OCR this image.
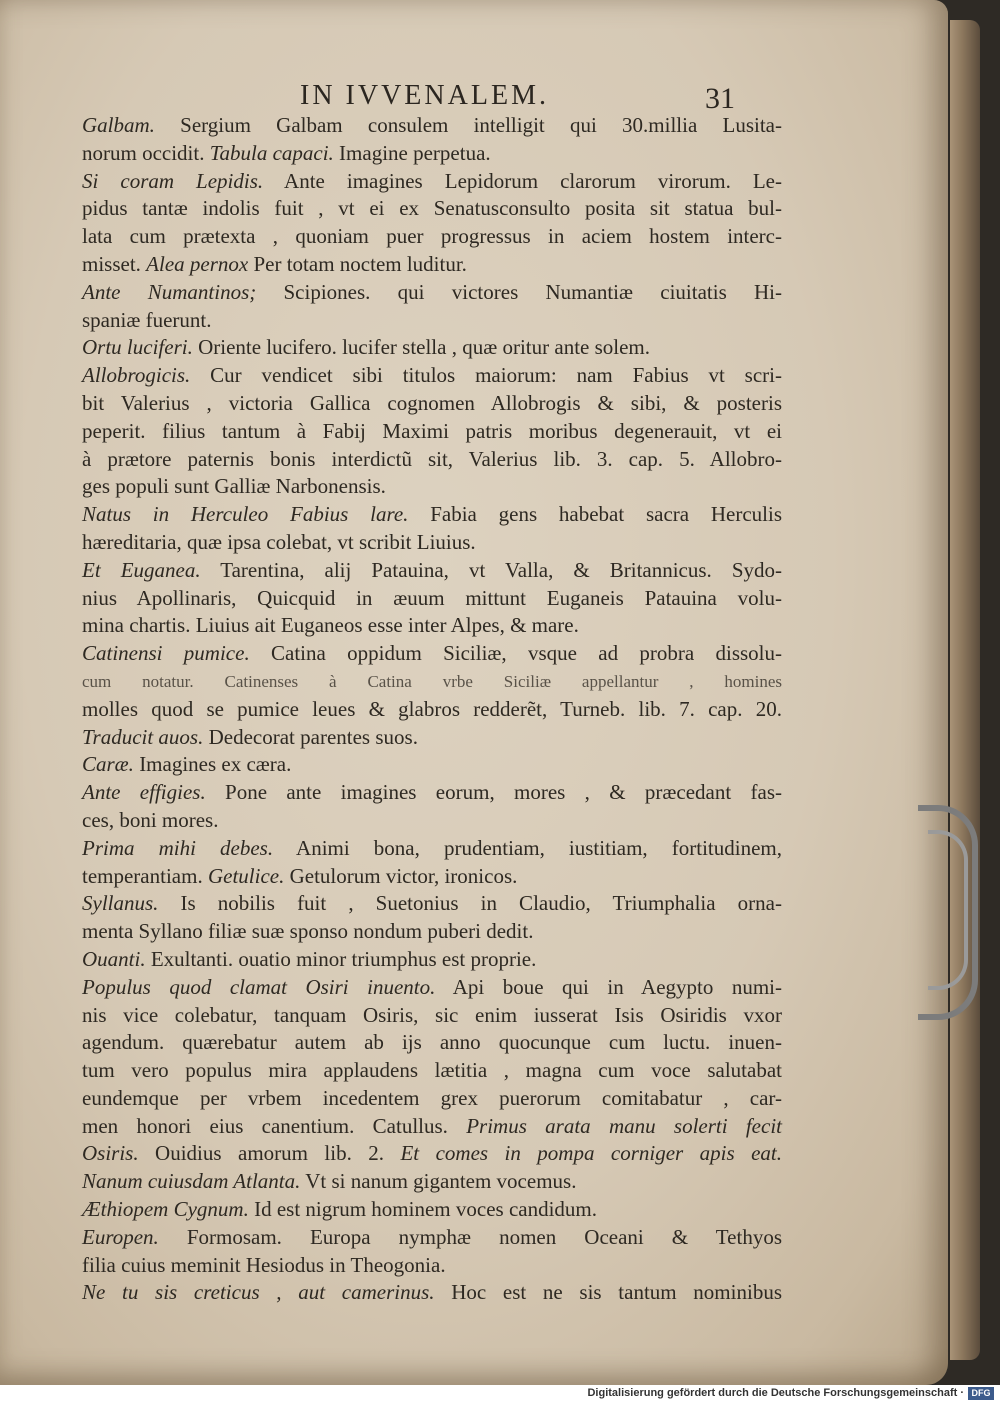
IN IVVENALEM.	31
Galbam. Sergium Galbam consulem intelligit qui 30.millia Lusita-
norum occidit. Tabula capaci. Imagine perpetua.
Si coram Lepidis. Ante imagines Lepidorum clarorum virorum. Le-
pidus tantæ indolis fuit , vt ei ex Senatusconsulto posita sit statua bul-
lata cum prætexta , quoniam puer progressus in aciem hostem interc-
misset. Alea pernox Per totam noctem luditur.
Ante Numantinos; Scipiones. qui victores Numantiæ ciuitatis Hi-
spaniæ fuerunt.
Ortu luciferi. Oriente lucifero. lucifer stella , quæ oritur ante solem.
Allobrogicis. Cur vendicet sibi titulos maiorum: nam Fabius vt scri-
bit Valerius , victoria Gallica cognomen Allobrogis & sibi, & posteris
peperit. filius tantum à Fabij Maximi patris moribus degenerauit, vt ei
à prætore paternis bonis interdictũ sit, Valerius lib. 3. cap. 5. Allobro-
ges populi sunt Galliæ Narbonensis.
Natus in Herculeo Fabius lare. Fabia gens habebat sacra Herculis
hæreditaria, quæ ipsa colebat, vt scribit Liuius.
Et Euganea. Tarentina, alij Patauina, vt Valla, & Britannicus. Sydo-
nius Apollinaris, Quicquid in æuum mittunt Euganeis Patauina volu-
mina chartis. Liuius ait Euganeos esse inter Alpes, & mare.
Catinensi pumice. Catina oppidum Siciliæ, vsque ad probra dissolu-
cum notatur. Catinenses à Catina vrbe Siciliæ appellantur , homines
molles quod se pumice leues & glabros redderẽt, Turneb. lib. 7. cap. 20.
Traducit auos. Dedecorat parentes suos.
Caræ. Imagines ex cæra.
Ante effigies. Pone ante imagines eorum, mores , & præcedant fas-
ces, boni mores.
Prima mihi debes. Animi bona, prudentiam, iustitiam, fortitudinem,
temperantiam. Getulice. Getulorum victor, ironicos.
Syllanus. Is nobilis fuit , Suetonius in Claudio, Triumphalia orna-
menta Syllano filiæ suæ sponso nondum puberi dedit.
Ouanti. Exultanti. ouatio minor triumphus est proprie.
Populus quod clamat Osiri inuento. Api boue qui in Aegypto numi-
nis vice colebatur, tanquam Osiris, sic enim iusserat Isis Osiridis vxor
agendum. quærebatur autem ab ijs anno quocunque cum luctu. inuen-
tum vero populus mira applaudens lætitia , magna cum voce salutabat
eundemque per vrbem incedentem grex puerorum comitabatur , car-
men honori eius canentium. Catullus. Primus arata manu solerti fecit
Osiris. Ouidius amorum lib. 2. Et comes in pompa corniger apis eat.
Nanum cuiusdam Atlanta. Vt si nanum gigantem vocemus.
Æthiopem Cygnum. Id est nigrum hominem voces candidum.
Europen. Formosam. Europa nymphæ nomen Oceani & Tethyos
filia cuius meminit Hesiodus in Theogonia.
Ne tu sis creticus , aut camerinus. Hoc est ne sis tantum nominibus
Digitalisierung gefördert durch die Deutsche Forschungsgemeinschaft · DFG
